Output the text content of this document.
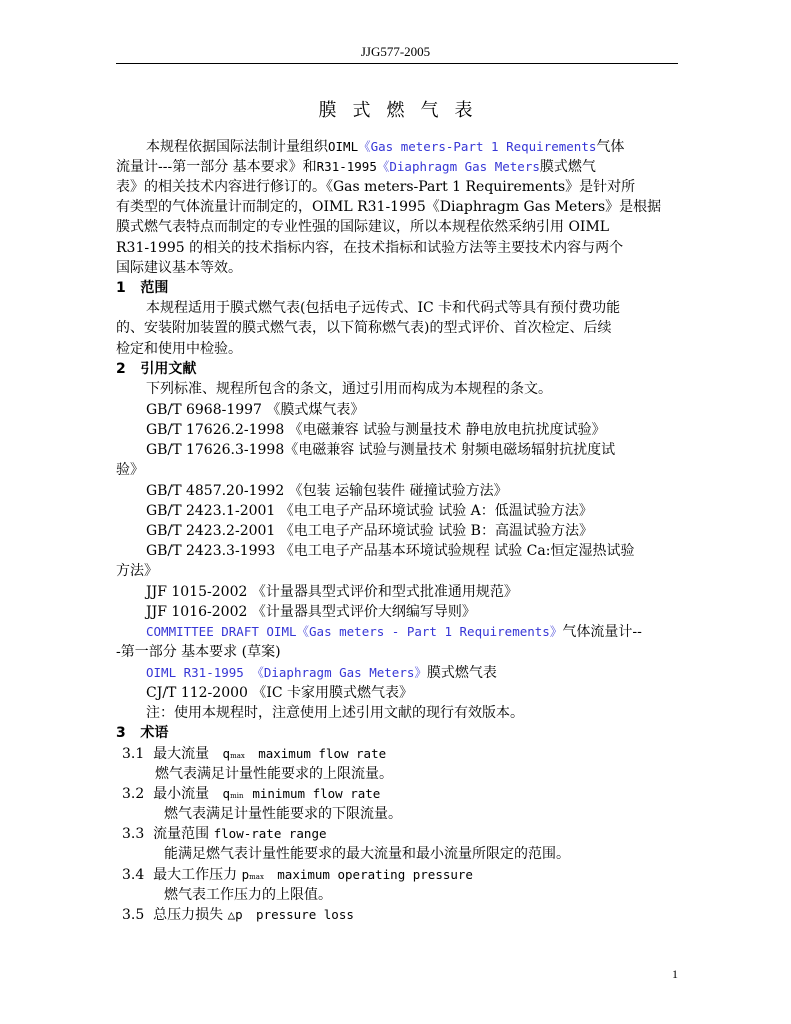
JJG577-2005
膜式燃气表
本规程依据国际法制计量组织OIML《Gas meters-Part 1 Requirements气体
流量计---第一部分 基本要求》和R31-1995《Diaphragm Gas Meters膜式燃气
表》的相关技术内容进行修订的。《Gas meters-Part 1 Requirements》是针对所
有类型的气体流量计而制定的，OIML R31-1995《Diaphragm Gas Meters》是根据
膜式燃气表特点而制定的专业性强的国际建议，所以本规程依然采纳引用 OIML
R31-1995 的相关的技术指标内容，在技术指标和试验方法等主要技术内容与两个
国际建议基本等效。
1 范围
本规程适用于膜式燃气表(包括电子远传式、IC 卡和代码式等具有预付费功能
的、安装附加装置的膜式燃气表，以下简称燃气表)的型式评价、首次检定、后续
检定和使用中检验。
2 引用文献
下列标准、规程所包含的条文，通过引用而构成为本规程的条文。
GB/T 6968-1997 《膜式煤气表》
GB/T 17626.2-1998 《电磁兼容 试验与测量技术 静电放电抗扰度试验》
GB/T 17626.3-1998《电磁兼容 试验与测量技术 射频电磁场辐射抗扰度试
验》
GB/T 4857.20-1992 《包装 运输包装件 碰撞试验方法》
GB/T 2423.1-2001 《电工电子产品环境试验 试验 A：低温试验方法》
GB/T 2423.2-2001 《电工电子产品环境试验 试验 B：高温试验方法》
GB/T 2423.3-1993 《电工电子产品基本环境试验规程 试验 Ca:恒定湿热试验
方法》
JJF 1015-2002 《计量器具型式评价和型式批准通用规范》
JJF 1016-2002 《计量器具型式评价大纲编写导则》
COMMITTEE DRAFT OIML《Gas meters - Part 1 Requirements》气体流量计--
-第一部分 基本要求 (草案)
OIML R31-1995 《Diaphragm Gas Meters》膜式燃气表
CJ/T 112-2000 《IC 卡家用膜式燃气表》
注：使用本规程时，注意使用上述引用文献的现行有效版本。
3 术语
3.1 最大流量 qmax maximum flow rate
燃气表满足计量性能要求的上限流量。
3.2 最小流量 qmin minimum flow rate
燃气表满足计量性能要求的下限流量。
3.3 流量范围 flow-rate range
能满足燃气表计量性能要求的最大流量和最小流量所限定的范围。
3.4 最大工作压力 pmax maximum operating pressure
燃气表工作压力的上限值。
3.5 总压力损失 △p pressure loss
1
